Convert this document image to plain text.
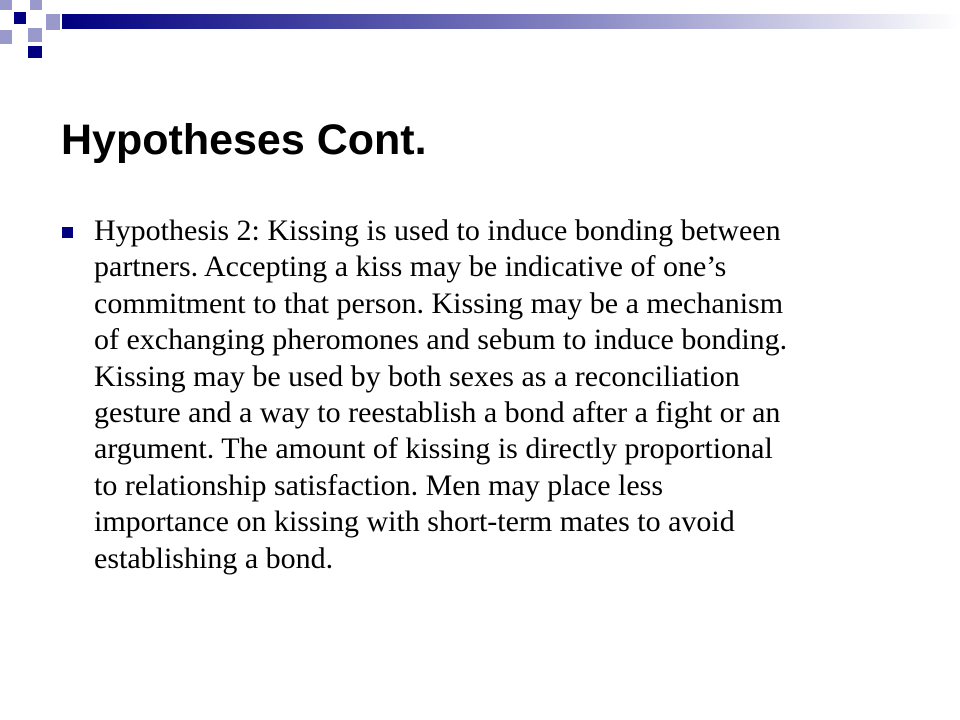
Hypotheses Cont.
Hypothesis 2: Kissing is used to induce bonding between
partners. Accepting a kiss may be indicative of one’s
commitment to that person. Kissing may be a mechanism
of exchanging pheromones and sebum to induce bonding.
Kissing may be used by both sexes as a reconciliation
gesture and a way to reestablish a bond after a fight or an
argument. The amount of kissing is directly proportional
to relationship satisfaction. Men may place less
importance on kissing with short-term mates to avoid
establishing a bond.
